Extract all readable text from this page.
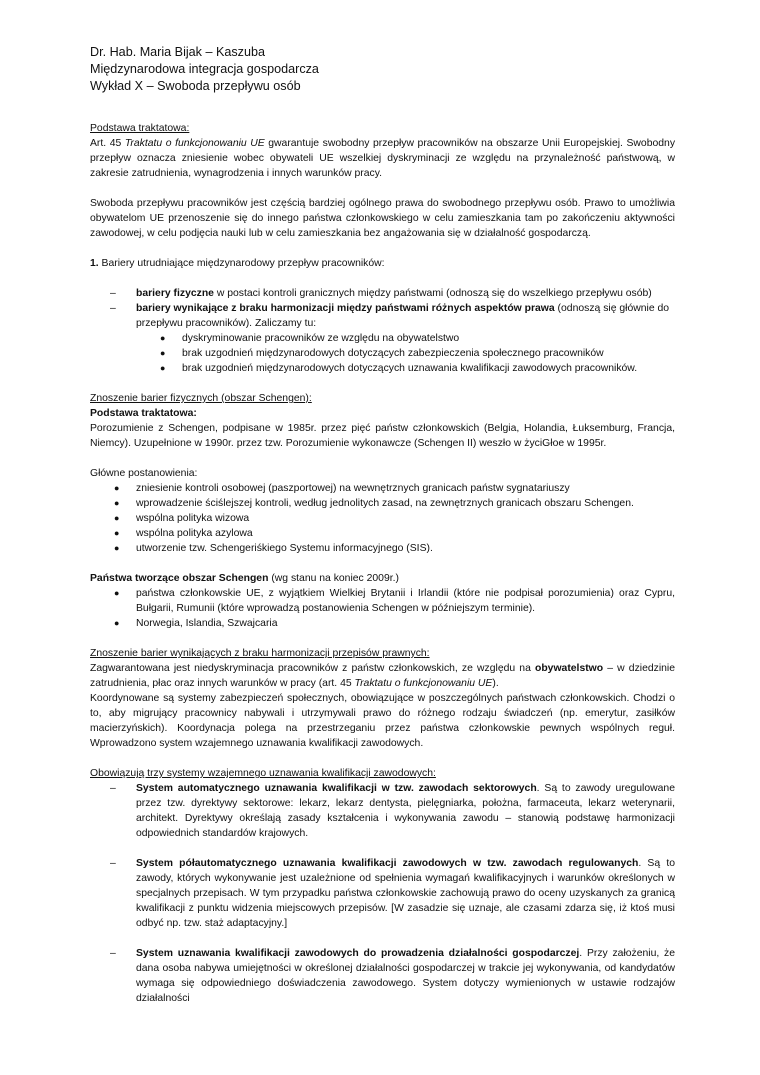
Dr. Hab. Maria Bijak – Kaszuba
Międzynarodowa integracja gospodarcza
Wykład X – Swoboda przepływu osób
Podstawa traktatowa:
Art. 45 Traktatu o funkcjonowaniu UE gwarantuje swobodny przepływ pracowników na obszarze Unii Europejskiej. Swobodny przepływ oznacza zniesienie wobec obywateli UE wszelkiej dyskryminacji ze względu na przynależność państwową, w zakresie zatrudnienia, wynagrodzenia i innych warunków pracy.
Swoboda przepływu pracowników jest częścią bardziej ogólnego prawa do swobodnego przepływu osób. Prawo to umożliwia obywatelom UE przenoszenie się do innego państwa członkowskiego w celu zamieszkania tam po zakończeniu aktywności zawodowej, w celu podjęcia nauki lub w celu zamieszkania bez angażowania się w działalność gospodarczą.
1. Bariery utrudniające międzynarodowy przepływ pracowników:
– bariery fizyczne w postaci kontroli granicznych między państwami (odnoszą się do wszelkiego przepływu osób)
– bariery wynikające z braku harmonizacji między państwami różnych aspektów prawa (odnoszą się głównie do przepływu pracowników). Zaliczamy tu:
● dyskryminowanie pracowników ze względu na obywatelstwo
● brak uzgodnień międzynarodowych dotyczących zabezpieczenia społecznego pracowników
● brak uzgodnień międzynarodowych dotyczących uznawania kwalifikacji zawodowych pracowników.
Znoszenie barier fizycznych (obszar Schengen):
Podstawa traktatowa:
Porozumienie z Schengen, podpisane w 1985r. przez pięć państw członkowskich (Belgia, Holandia, Łuksemburg, Francja, Niemcy). Uzupełnione w 1990r. przez tzw. Porozumienie wykonawcze (Schengen II) weszło w życiGłoe w 1995r.
Główne postanowienia:
● zniesienie kontroli osobowej (paszportowej) na wewnętrznych granicach państw sygnatariuszy
● wprowadzenie ściślejszej kontroli, według jednolitych zasad, na zewnętrznych granicach obszaru Schengen.
● wspólna polityka wizowa
● wspólna polityka azylowa
● utworzenie tzw. Schengeriśkiego Systemu informacyjnego (SIS).
Państwa tworzące obszar Schengen (wg stanu na koniec 2009r.)
● państwa członkowskie UE, z wyjątkiem Wielkiej Brytanii i Irlandii (które nie podpisał porozumienia) oraz Cypru, Bułgarii, Rumunii (które wprowadzą postanowienia Schengen w późniejszym terminie).
● Norwegia, Islandia, Szwajcaria
Znoszenie barier wynikających z braku harmonizacji przepisów prawnych:
Zagwarantowana jest niedyskryminacja pracowników z państw członkowskich, ze względu na obywatelstwo – w dziedzinie zatrudnienia, płac oraz innych warunków w pracy (art. 45 Traktatu o funkcjonowaniu UE).
Koordynowane są systemy zabezpieczeń społecznych, obowiązujące w poszczególnych państwach członkowskich. Chodzi o to, aby migrujący pracownicy nabywali i utrzymywali prawo do różnego rodzaju świadczeń (np. emerytur, zasiłków macierzyńskich). Koordynacja polega na przestrzeganiu przez państwa członkowskie pewnych wspólnych reguł. Wprowadzono system wzajemnego uznawania kwalifikacji zawodowych.
Obowiązują trzy systemy wzajemnego uznawania kwalifikacji zawodowych:
– System automatycznego uznawania kwalifikacji w tzw. zawodach sektorowych. Są to zawody uregulowane przez tzw. dyrektywy sektorowe: lekarz, lekarz dentysta, pielęgniarka, położna, farmaceuta, lekarz weterynarii, architekt. Dyrektywy określają zasady kształcenia i wykonywania zawodu – stanowią podstawę harmonizacji odpowiednich standardów krajowych.
– System półautomatycznego uznawania kwalifikacji zawodowych w tzw. zawodach regulowanych. Są to zawody, których wykonywanie jest uzależnione od spełnienia wymagań kwalifikacyjnych i warunków określonych w specjalnych przepisach. W tym przypadku państwa członkowskie zachowują prawo do oceny uzyskanych za granicą kwalifikacji z punktu widzenia miejscowych przepisów. [W zasadzie się uznaje, ale czasami zdarza się, iż ktoś musi odbyć np. tzw. staż adaptacyjny.]
– System uznawania kwalifikacji zawodowych do prowadzenia działalności gospodarczej. Przy założeniu, że dana osoba nabywa umiejętności w określonej działalności gospodarczej w trakcie jej wykonywania, od kandydatów wymaga się odpowiedniego doświadczenia zawodowego. System dotyczy wymienionych w ustawie rodzajów działalności
